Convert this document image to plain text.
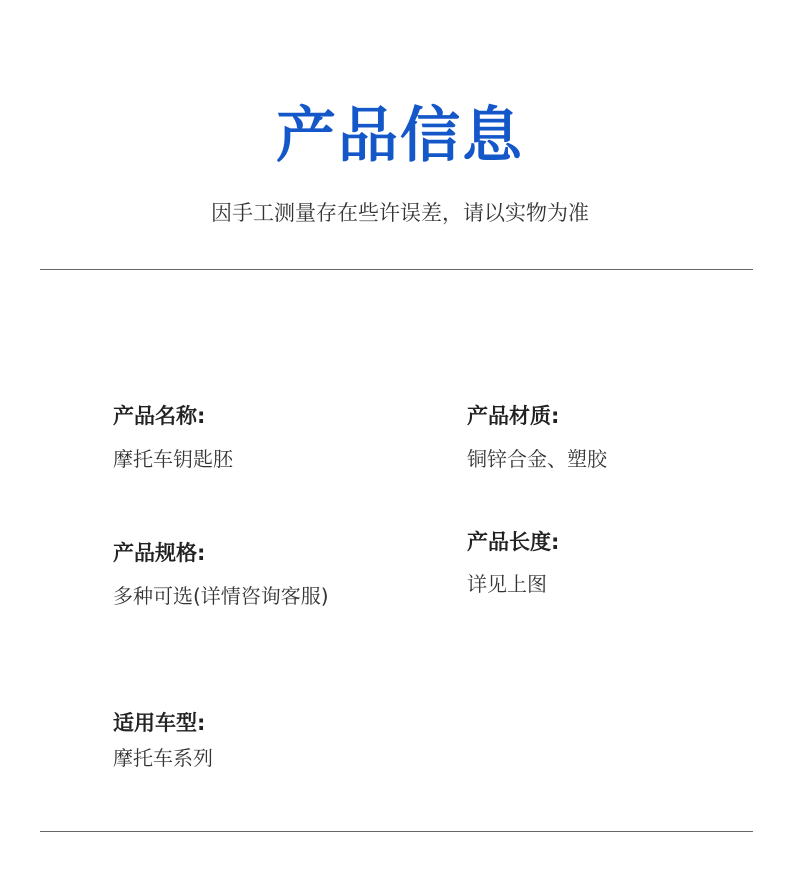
产品信息
因手工测量存在些许误差，请以实物为准
产品名称:
摩托车钥匙胚
产品材质:
铜锌合金、塑胶
产品规格:
多种可选(详情咨询客服)
产品长度:
详见上图
适用车型:
摩托车系列
